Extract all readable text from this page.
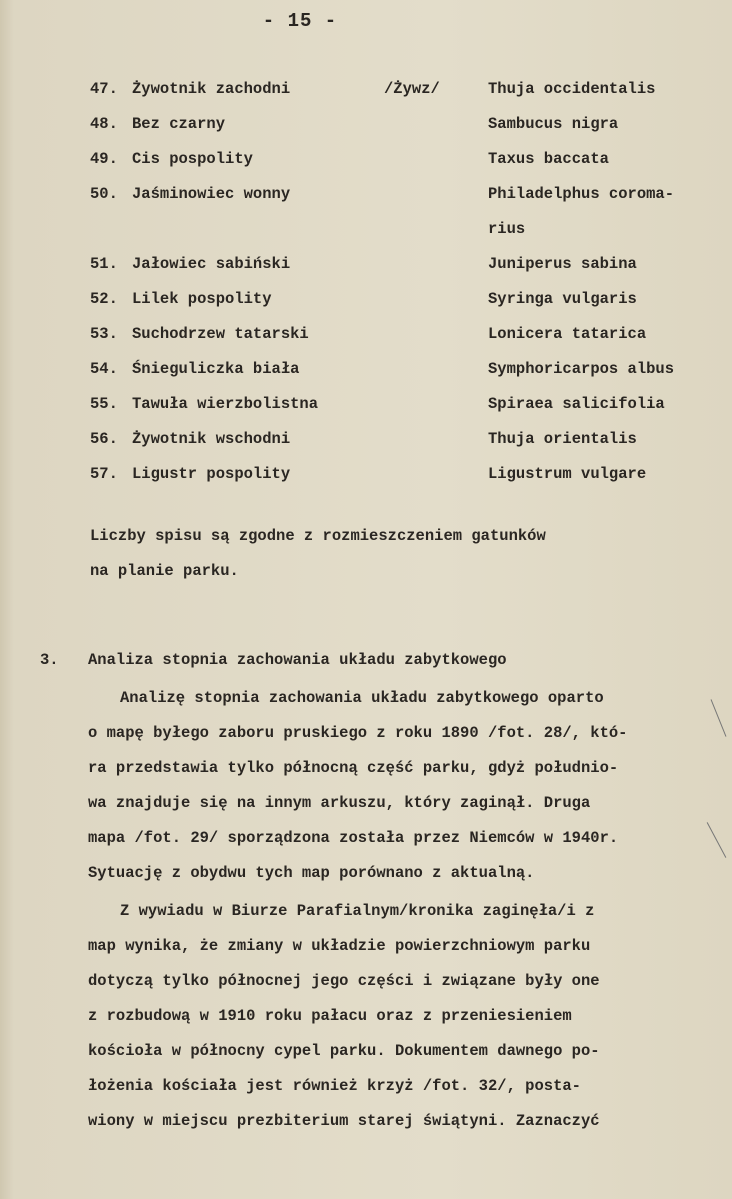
- 15 -
47. Żywotnik zachodni	/Żywz/	Thuja occidentalis
48. Bez czarny	Sambucus nigra
49. Cis pospolity	Taxus baccata
50. Jaśminowiec wonny	Philadelphus coroma-
rius
51. Jałowiec sabiński	Juniperus sabina
52. Lilek pospolity	Syringa vulgaris
53. Suchodrzew tatarski	Lonicera tatarica
54. Śnieguliczka biała	Symphoricarpos albus
55. Tawuła wierzbolistna	Spiraea salicifolia
56. Żywotnik wschodni	Thuja orientalis
57. Ligustr pospolity	Ligustrum vulgare
Liczby spisu są zgodne z rozmieszczeniem gatunków
na planie parku.
3. Analiza stopnia zachowania układu zabytkowego
Analizę stopnia zachowania układu zabytkowego oparto
o mapę byłego zaboru pruskiego z roku 1890 /fot. 28/, któ-
ra przedstawia tylko północną część parku, gdyż południo-
wa znajduje się na innym arkuszu, który zaginął. Druga
mapa /fot. 29/ sporządzona została przez Niemców w 1940r.
Sytuację z obydwu tych map porównano z aktualną.
Z wywiadu w Biurze Parafialnym/kronika zaginęła/i z
map wynika, że zmiany w układzie powierzchniowym parku
dotyczą tylko północnej jego części i związane były one
z rozbudową w 1910 roku pałacu oraz z przeniesieniem
kościoła w północny cypel parku. Dokumentem dawnego po-
łożenia kościała jest również krzyż /fot. 32/, posta-
wiony w miejscu prezbiterium starej świątyni. Zaznaczyć
